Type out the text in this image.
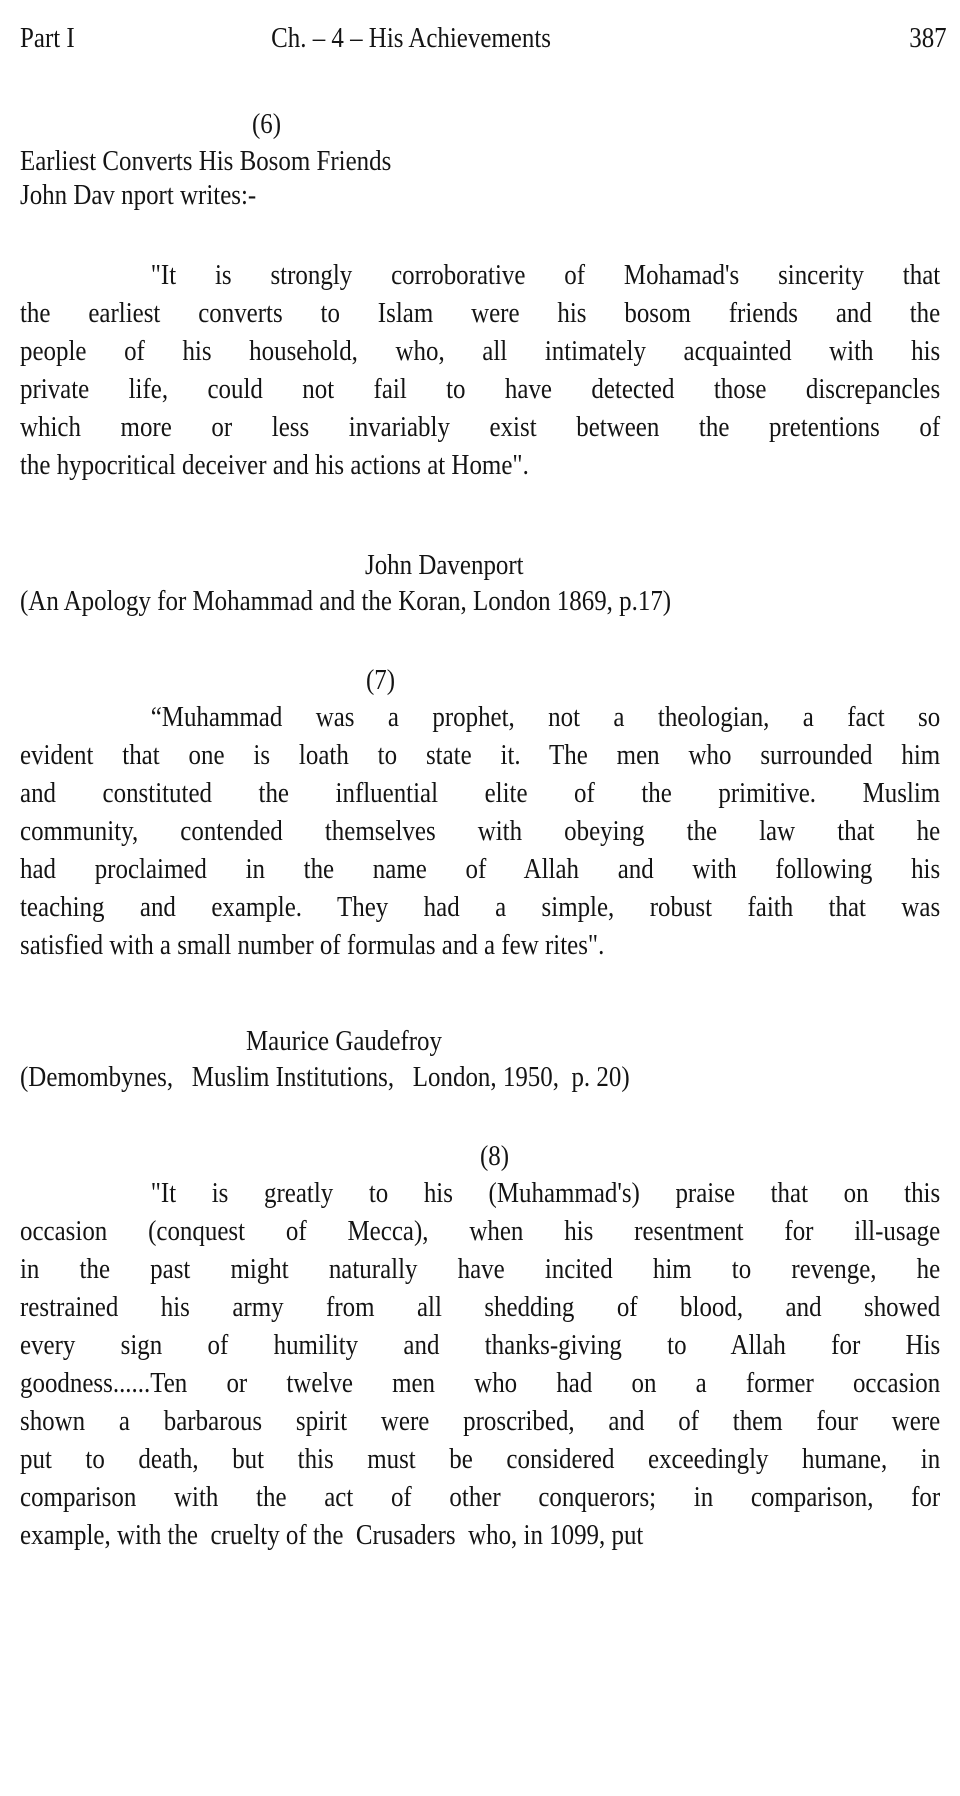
Part I	Ch. – 4 – His Achievements	387
(6)
Earliest Converts His Bosom Friends
John Dav nport writes:-
"It is strongly corroborative of Mohamad's sincerity that
the earliest converts to Islam were his bosom friends and the
people of his household, who, all intimately acquainted with his
private life, could not fail to have detected those discrepancles
which more or less invariably exist between the pretentions of
the hypocritical deceiver and his actions at Home".
John Davenport
(An Apology for Mohammad and the Koran, London 1869, p.17)
(7)
“Muhammad was a prophet, not a theologian, a fact so
evident that one is loath to state it. The men who surrounded him
and constituted the influential elite of the primitive. Muslim
community, contended themselves with obeying the law that he
had proclaimed in the name of Allah and with following his
teaching and example. They had a simple, robust faith that was
satisfied with a small number of formulas and a few rites".
Maurice Gaudefroy
(Demombynes,   Muslim Institutions,   London, 1950,  p. 20)
(8)
"It is greatly to his (Muhammad's) praise that on this
occasion (conquest of Mecca), when his resentment for ill-usage
in the past might naturally have incited him to revenge, he
restrained his army from all shedding of blood, and showed
every sign of humility and thanks-giving to Allah for His
goodness......Ten or twelve men who had on a former occasion
shown a barbarous spirit were proscribed, and of them four were
put to death, but this must be considered exceedingly humane, in
comparison with the act of other conquerors; in comparison, for
example, with the  cruelty of the  Crusaders  who, in 1099, put
